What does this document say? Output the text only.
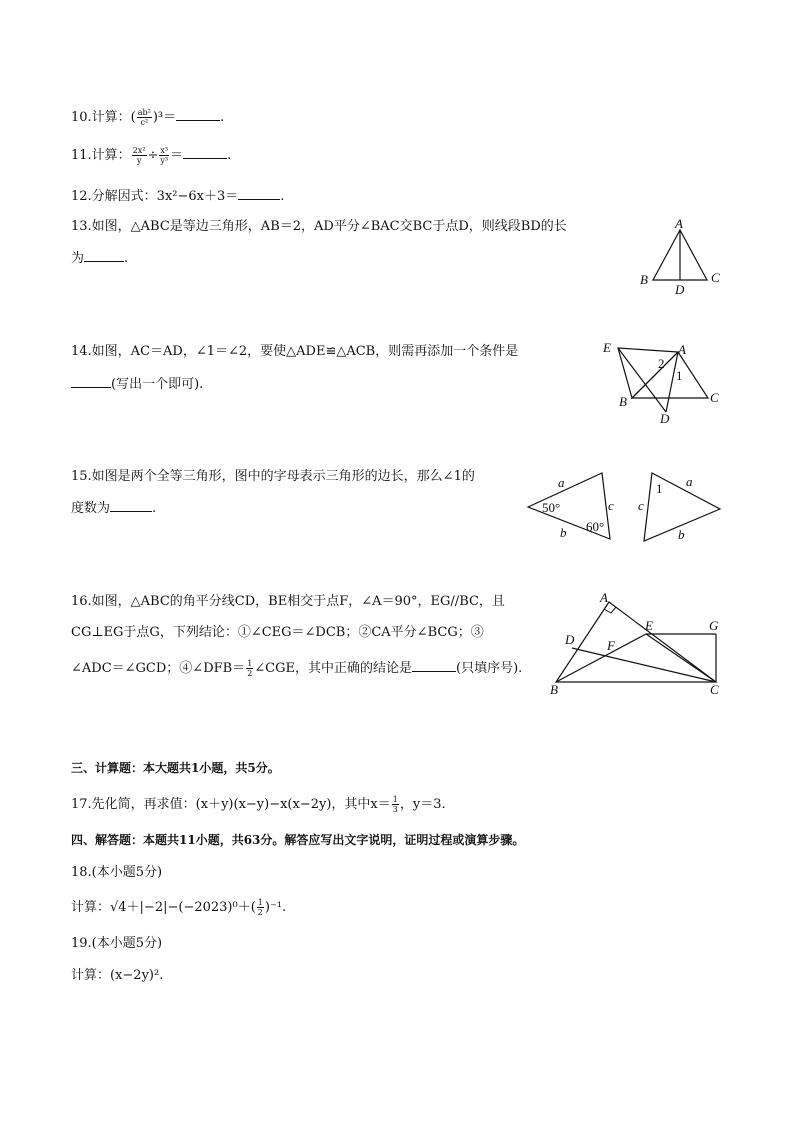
10.计算：( $\frac{\text{ab²}}{\text{c²}} )^3=$	.
11.计算： $\frac{\text{2x²}}{y} \div \frac{\text{x³}}{\text{y³}}$ ＝	.
12.分解因式：3x²−6x＋3＝	.
13.如图，△ABC是等边三角形，AB＝2，AD平分∠BAC交BC于点D，则线段BD的长
为	.
A
B	C
D
14.如图，AC＝AD，∠1＝∠2，要使△ADE≌△ACB，则需再添加一个条件是
(写出一个即可).
E	A
B	C
D
2
1
15.如图是两个全等三角形，图中的字母表示三角形的边长，那么∠1的
度数为	.
a
c
b
50°
60°
1 a
c
b
16.如图，△ABC的角平分线CD，BE相交于点F，∠A＝90°，EG//BC，且
CG⊥EG于点G，下列结论：①∠CEG＝∠DCB；②CA平分∠BCG；③
∠ADC＝∠GCD；④∠DFB＝ $\frac{1}{2}$ ∠CGE，其中正确的结论是	(只填序号).
A
B	C
D
E
F
G
三、计算题：本大题共1小题，共5分。
17.先化简，再求值：(x＋y)(x−y)−x(x−2y)，其中$x= \frac{1}{3}$ ，y＝3.
四、解答题：本题共11小题，共63分。解答应写出文字说明，证明过程或演算步骤。
18.(本小题5分)
计算：$√4+|-2|-(-2023)^0+( \frac{1}{2} )^{-1}$.
19.(本小题5分)
计算：(x−2y)².
